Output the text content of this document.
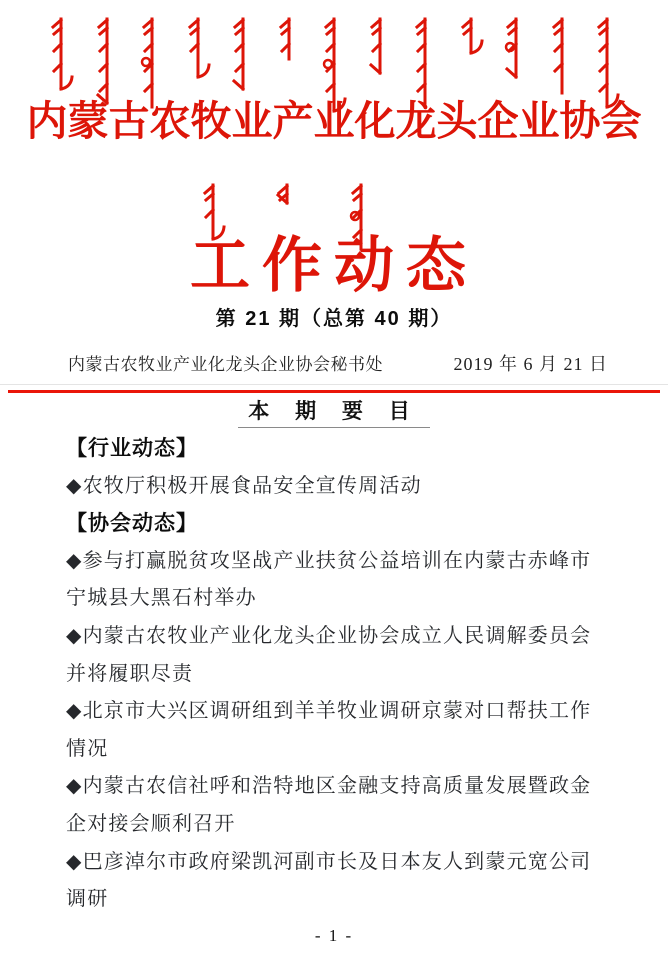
内蒙古农牧业产业化龙头企业协会
工作动态
第 21 期（总第 40 期）
内蒙古农牧业产业化龙头企业协会秘书处	2019 年 6 月 21 日
本 期 要 目
【行业动态】
◆农牧厅积极开展食品安全宣传周活动
【协会动态】
◆参与打赢脱贫攻坚战产业扶贫公益培训在内蒙古赤峰市
宁城县大黑石村举办
◆内蒙古农牧业产业化龙头企业协会成立人民调解委员会
并将履职尽责
◆北京市大兴区调研组到羊羊牧业调研京蒙对口帮扶工作
情况
◆内蒙古农信社呼和浩特地区金融支持高质量发展暨政金
企对接会顺利召开
◆巴彦淖尔市政府梁凯河副市长及日本友人到蒙元宽公司
调研
- 1 -
